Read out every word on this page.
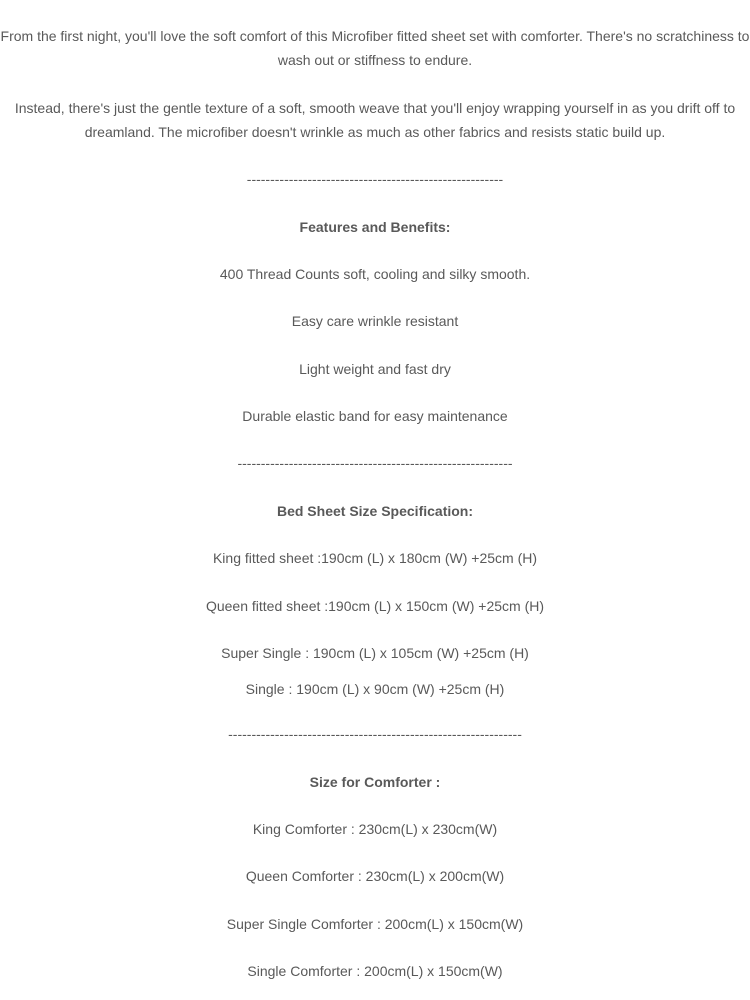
From the first night, you'll love the soft comfort of this Microfiber fitted sheet set with comforter. There's no scratchiness to
wash out or stiffness to endure.
Instead, there's just the gentle texture of a soft, smooth weave that you'll enjoy wrapping yourself in as you drift off to
dreamland. The microfiber doesn't wrinkle as much as other fabrics and resists static build up.
-------------------------------------------------------
Features and Benefits:
400 Thread Counts soft, cooling and silky smooth.
Easy care wrinkle resistant
Light weight and fast dry
Durable elastic band for easy maintenance
-----------------------------------------------------------
Bed Sheet Size Specification:
King fitted sheet :190cm (L) x 180cm (W) +25cm (H)
Queen fitted sheet :190cm (L) x 150cm (W) +25cm (H)
Super Single : 190cm (L) x 105cm (W) +25cm (H)
Single : 190cm (L) x 90cm (W) +25cm (H)
---------------------------------------------------------------
Size for Comforter :
King Comforter : 230cm(L) x 230cm(W)
Queen Comforter : 230cm(L) x 200cm(W)
Super Single Comforter : 200cm(L) x 150cm(W)
Single Comforter : 200cm(L) x 150cm(W)
